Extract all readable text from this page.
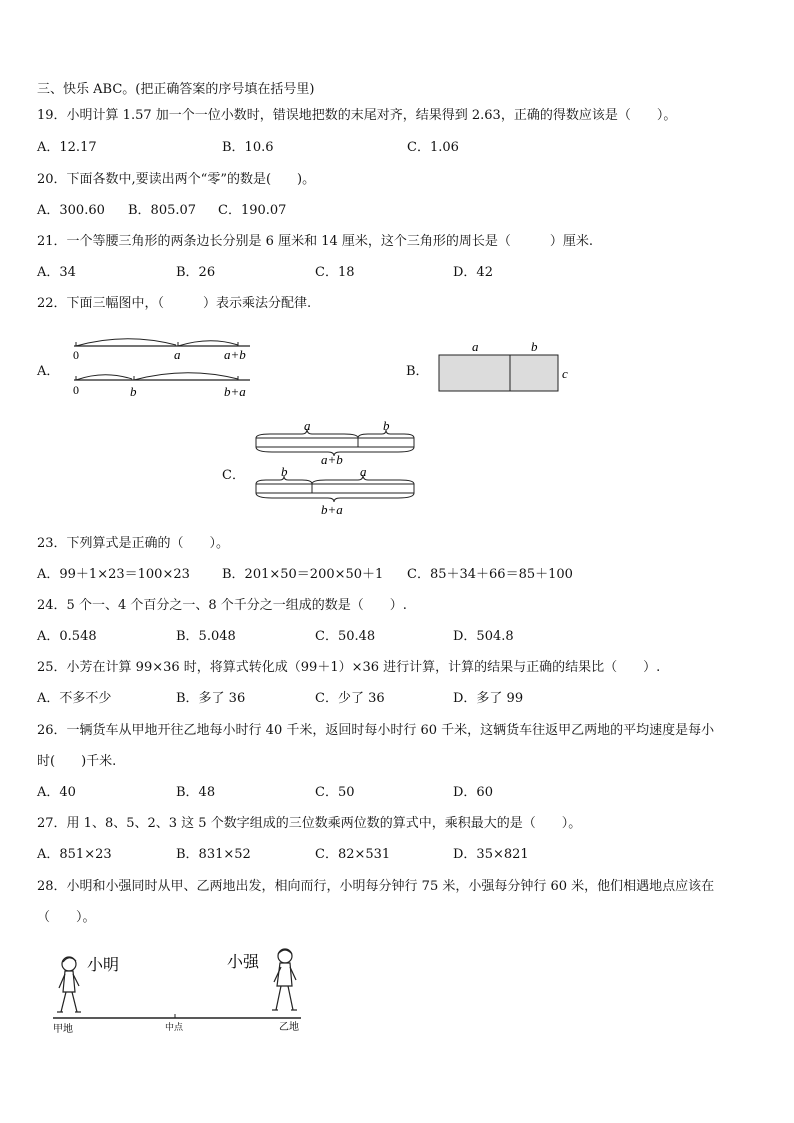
三、快乐 ABC。(把正确答案的序号填在括号里)
19．小明计算 1.57 加一个一位小数时，错误地把数的末尾对齐，结果得到 2.63，正确的得数应该是（　　）。
A．12.17	B．10.6	C．1.06
20．下面各数中,要读出两个“零”的数是(　　)。
A．300.60 B．805.07 C．190.07
21．一个等腰三角形的两条边长分别是 6 厘米和 14 厘米，这个三角形的周长是（　　　）厘米.
A．34	B．26	C．18	D．42
22．下面三幅图中，（　　　）表示乘法分配律.
A．
0	a	a+b
0	b	b+a
B．
a	b
c
C．
a	b
a+b
b	a
b+a
23．下列算式是正确的（　　）。
A．99＋1×23＝100×23 B．201×50＝200×50＋1 C．85＋34＋66＝85＋100
24．5 个一、4 个百分之一、8 个千分之一组成的数是（　　）.
A．0.548	B．5.048	C．50.48	D．504.8
25．小芳在计算 99×36 时，将算式转化成（99＋1）×36 进行计算，计算的结果与正确的结果比（　　）.
A．不多不少	B．多了 36	C．少了 36	D．多了 99
26．一辆货车从甲地开往乙地每小时行 40 千米，返回时每小时行 60 千米，这辆货车往返甲乙两地的平均速度是每小
时(　　)千米.
A．40	B．48	C．50	D．60
27．用 1、8、5、2、3 这 5 个数字组成的三位数乘两位数的算式中，乘积最大的是（　　）。
A．851×23	B．831×52	C．82×531	D．35×821
28．小明和小强同时从甲、乙两地出发，相向而行，小明每分钟行 75 米，小强每分钟行 60 米，他们相遇地点应该在
（　　）。
小明	小强
甲地	中点	乙地
